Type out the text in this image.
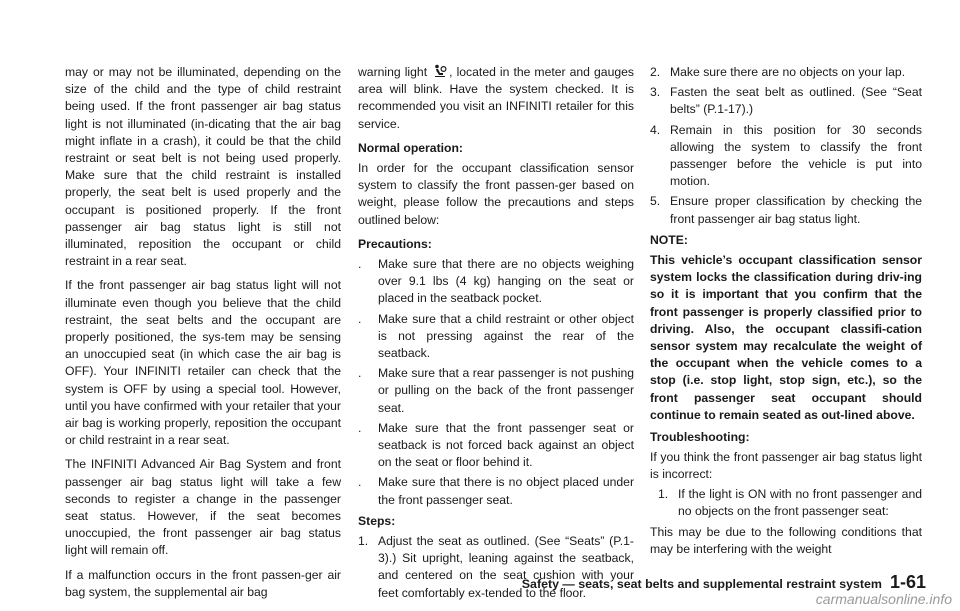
may or may not be illuminated, depending on the size of the child and the type of child restraint being used. If the front passenger air bag status light is not illuminated (in-dicating that the air bag might inflate in a crash), it could be that the child restraint or seat belt is not being used properly. Make sure that the child restraint is installed properly, the seat belt is used properly and the occupant is positioned properly. If the front passenger air bag status light is still not illuminated, reposition the occupant or child restraint in a rear seat.

If the front passenger air bag status light will not illuminate even though you believe that the child restraint, the seat belts and the occupant are properly positioned, the sys-tem may be sensing an unoccupied seat (in which case the air bag is OFF). Your INFINITI retailer can check that the system is OFF by using a special tool. However, until you have confirmed with your retailer that your air bag is working properly, reposition the occupant or child restraint in a rear seat.

The INFINITI Advanced Air Bag System and front passenger air bag status light will take a few seconds to register a change in the passenger seat status. However, if the seat becomes unoccupied, the front passenger air bag status light will remain off.

If a malfunction occurs in the front passen-ger air bag system, the supplemental air bag

warning light , located in the meter and gauges area will blink. Have the system checked. It is recommended you visit an INFINITI retailer for this service.

Normal operation:

In order for the occupant classification sensor system to classify the front passen-ger based on weight, please follow the precautions and steps outlined below:

Precautions:

. Make sure that there are no objects weighing over 9.1 lbs (4 kg) hanging on the seat or placed in the seatback pocket.
. Make sure that a child restraint or other object is not pressing against the rear of the seatback.
. Make sure that a rear passenger is not pushing or pulling on the back of the front passenger seat.
. Make sure that the front passenger seat or seatback is not forced back against an object on the seat or floor behind it.
. Make sure that there is no object placed under the front passenger seat.

Steps:

1. Adjust the seat as outlined. (See “Seats” (P.1-3).) Sit upright, leaning against the seatback, and centered on the seat cushion with your feet comfortably ex-tended to the floor.
2. Make sure there are no objects on your lap.
3. Fasten the seat belt as outlined. (See “Seat belts” (P.1-17).)
4. Remain in this position for 30 seconds allowing the system to classify the front passenger before the vehicle is put into motion.
5. Ensure proper classification by checking the front passenger air bag status light.

NOTE:

This vehicle’s occupant classification sensor system locks the classification during driv-ing so it is important that you confirm that the front passenger is properly classified prior to driving. Also, the occupant classifi-cation sensor system may recalculate the weight of the occupant when the vehicle comes to a stop (i.e. stop light, stop sign, etc.), so the front passenger seat occupant should continue to remain seated as out-lined above.

Troubleshooting:

If you think the front passenger air bag status light is incorrect:

1. If the light is ON with no front passenger and no objects on the front passenger seat:

This may be due to the following conditions that may be interfering with the weight

Safety — seats, seat belts and supplemental restraint system 1-61
carmanualsonline.info
